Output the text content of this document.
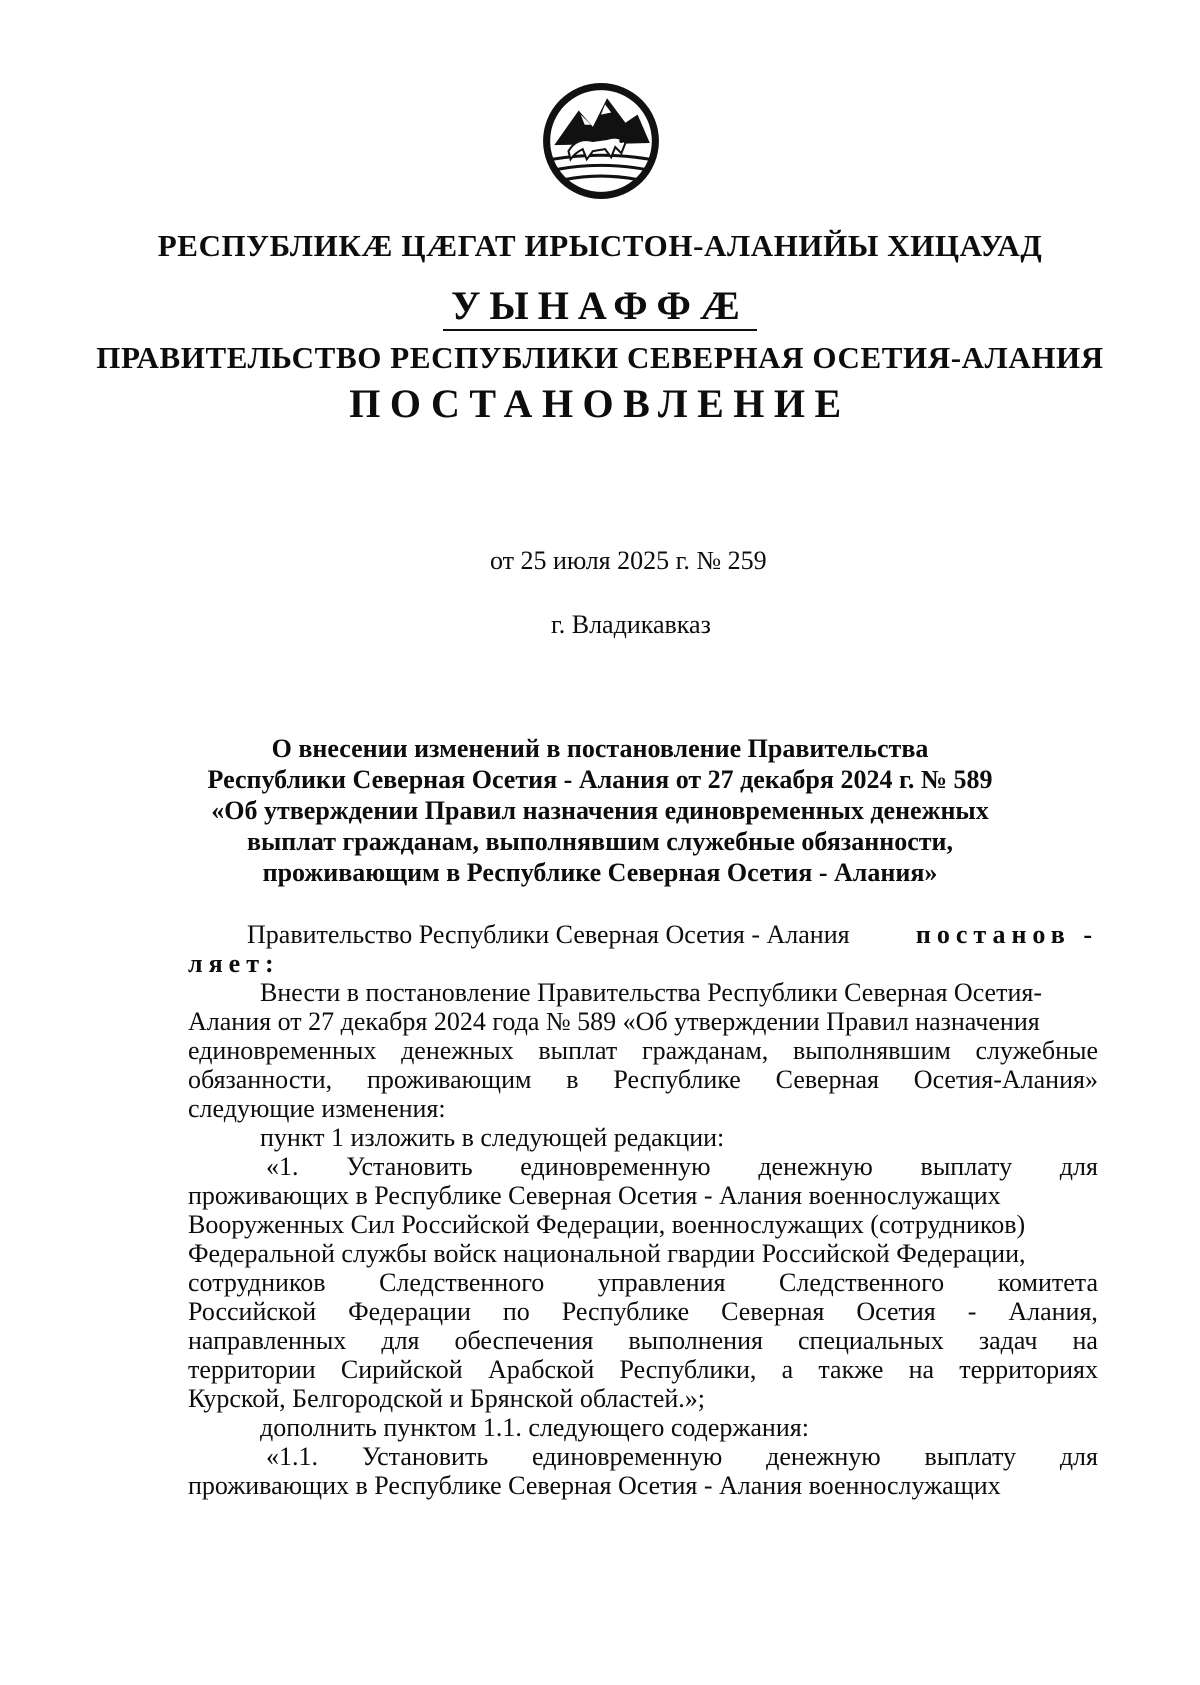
РЕСПУБЛИКÆ ЦÆГАТ ИРЫСТОН-АЛАНИЙЫ ХИЦАУАД
УЫНАФФÆ
ПРАВИТЕЛЬСТВО РЕСПУБЛИКИ СЕВЕРНАЯ ОСЕТИЯ-АЛАНИЯ
ПОСТАНОВЛЕНИЕ
от 25 июля 2025 г. № 259
г. Владикавказ
О внесении изменений в постановление Правительства
Республики Северная Осетия - Алания от 27 декабря 2024 г. № 589
«Об утверждении Правил назначения единовременных денежных
выплат гражданам, выполнявшим служебные обязанности,
проживающим в Республике Северная Осетия - Алания»
Правительство Республики Северная Осетия - Алания	постанов -
ляет:
Внести в постановление Правительства Республики Северная Осетия-
Алания от 27 декабря 2024 года № 589 «Об утверждении Правил назначения
единовременных денежных выплат гражданам, выполнявшим служебные
обязанности, проживающим в Республике Северная Осетия-Алания»
следующие изменения:
пункт 1 изложить в следующей редакции:
«1. Установить единовременную денежную выплату для
проживающих в Республике Северная Осетия - Алания военнослужащих
Вооруженных Сил Российской Федерации, военнослужащих (сотрудников)
Федеральной службы войск национальной гвардии Российской Федерации,
сотрудников Следственного управления Следственного комитета
Российской Федерации по Республике Северная Осетия - Алания,
направленных для обеспечения выполнения специальных задач на
территории Сирийской Арабской Республики, а также на территориях
Курской, Белгородской и Брянской областей.»;
дополнить пунктом 1.1. следующего содержания:
«1.1. Установить единовременную денежную выплату для
проживающих в Республике Северная Осетия - Алания военнослужащих
